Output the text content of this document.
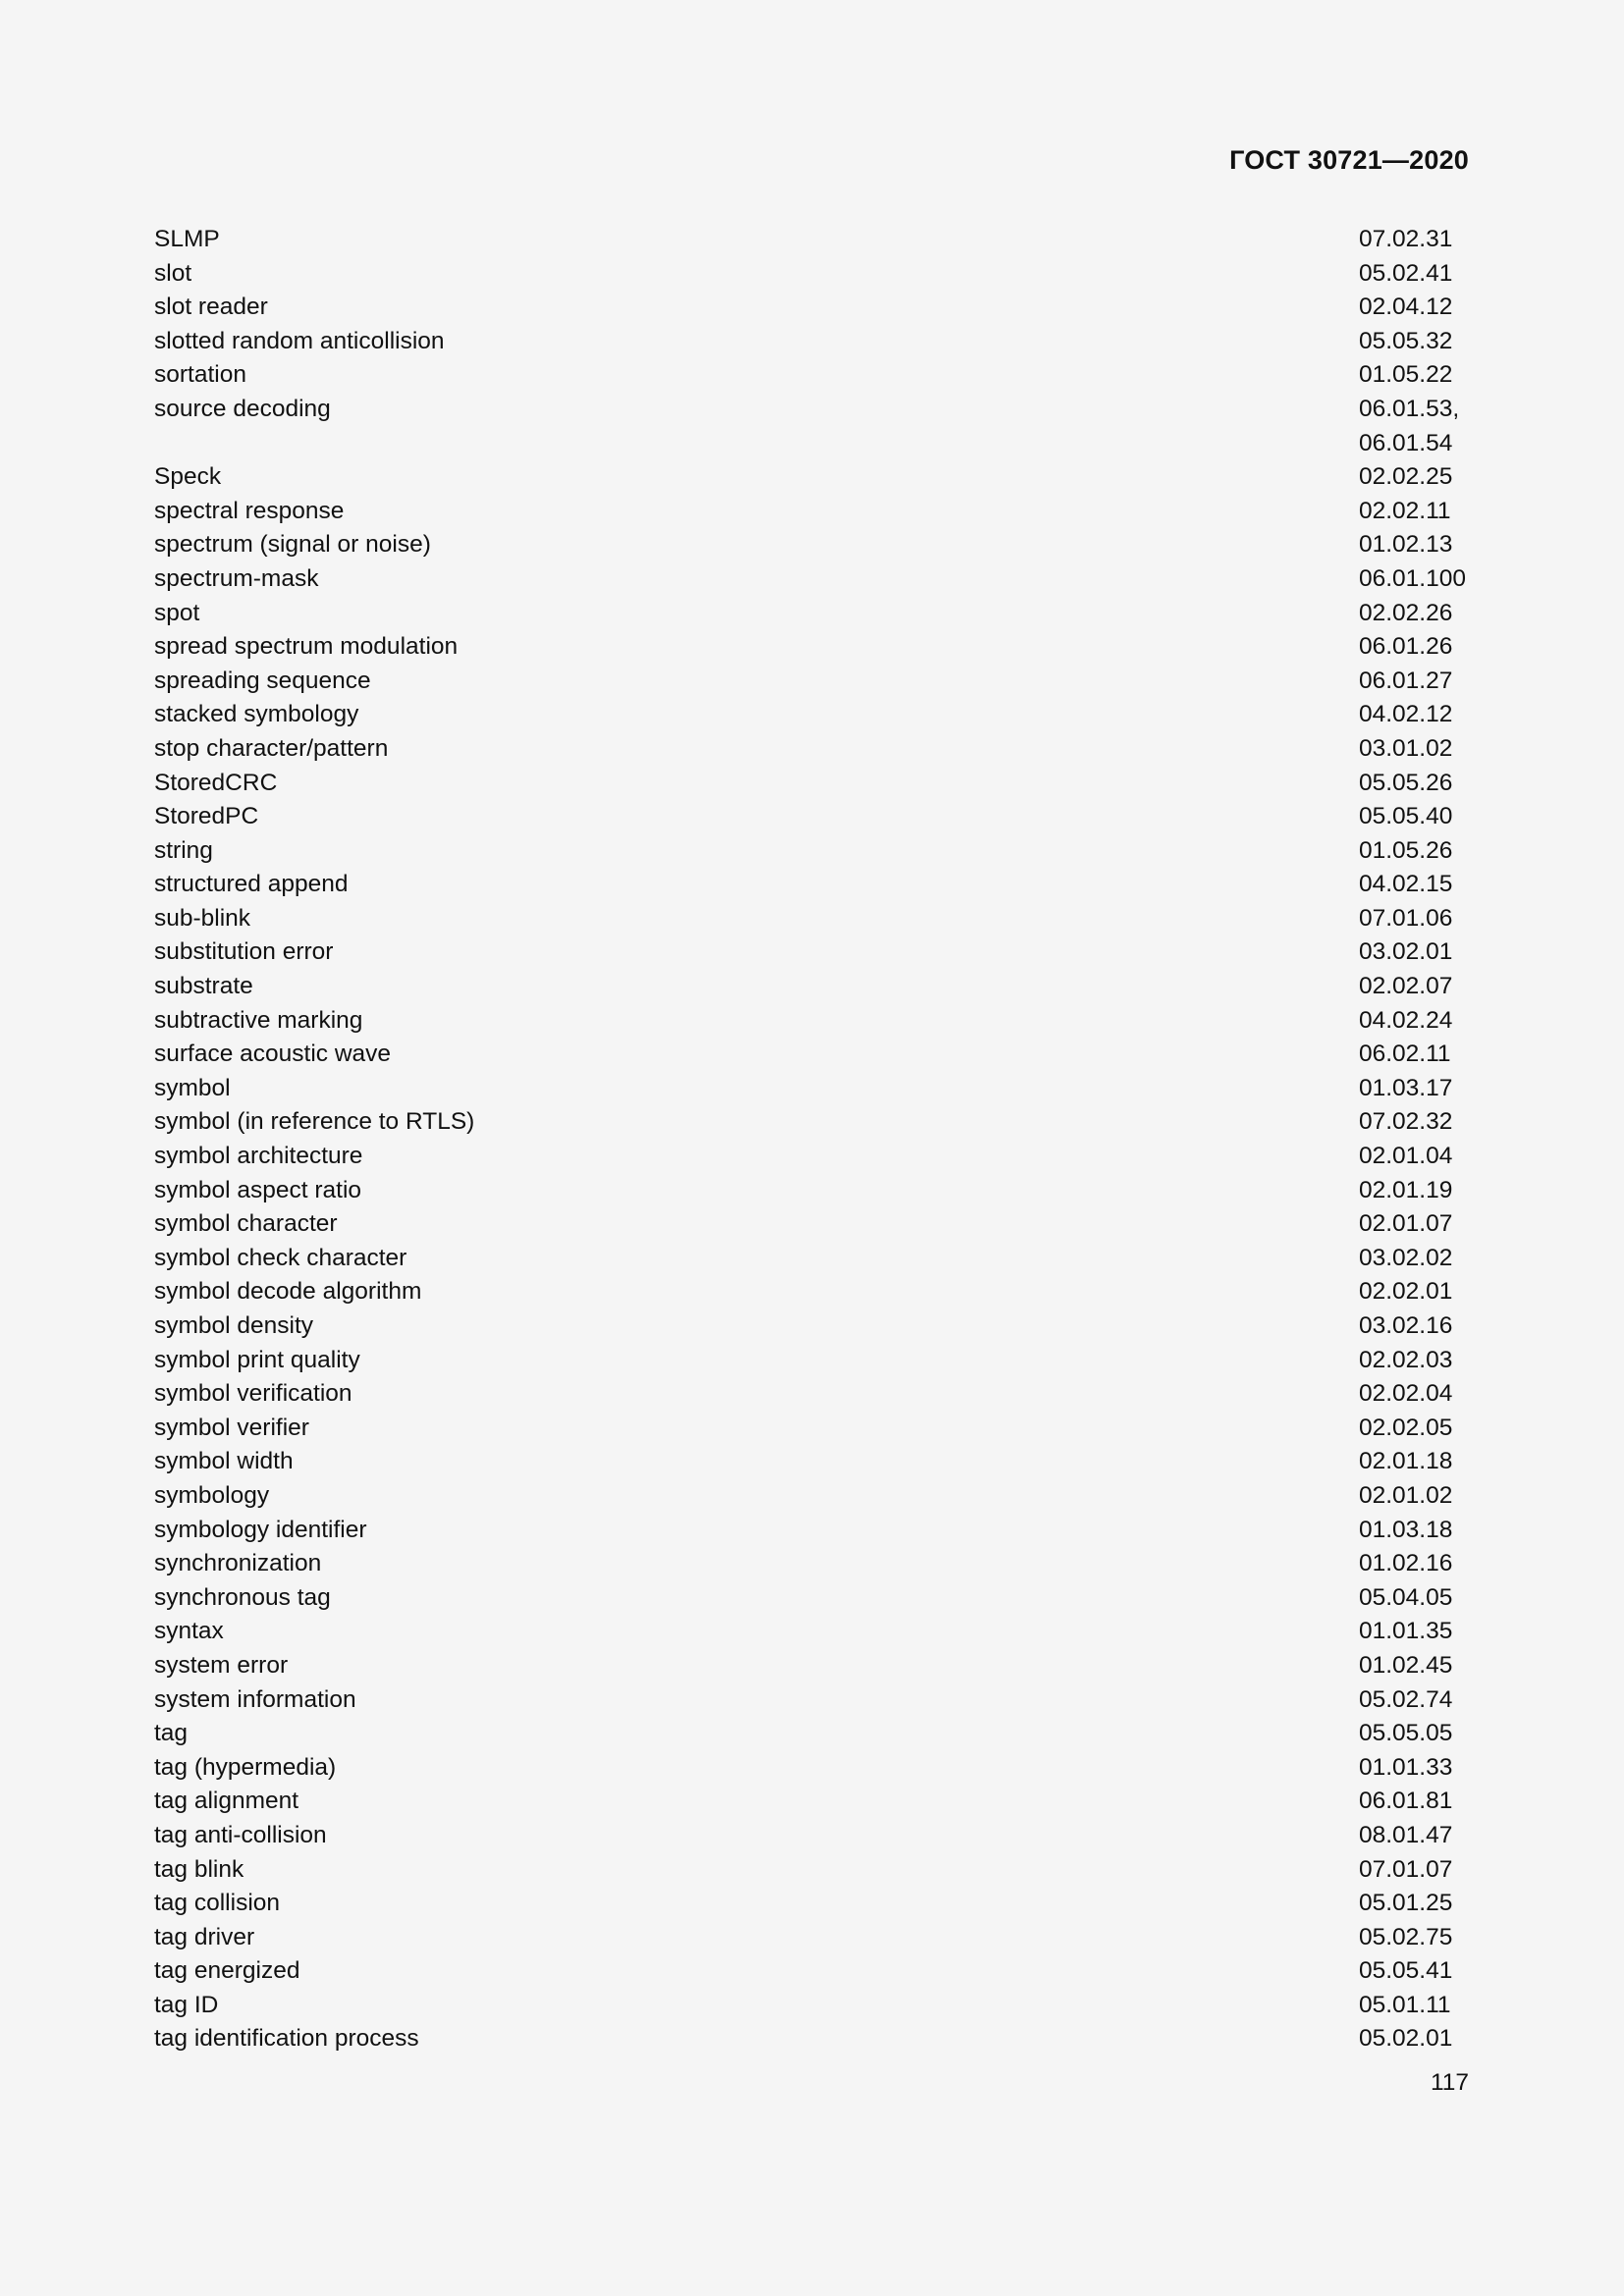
ГОСТ 30721—2020
SLMP	07.02.31
slot	05.02.41
slot reader	02.04.12
slotted random anticollision	05.05.32
sortation	01.05.22
source decoding	06.01.53,
06.01.54
Speck	02.02.25
spectral response	02.02.11
spectrum (signal or noise)	01.02.13
spectrum-mask	06.01.100
spot	02.02.26
spread spectrum modulation	06.01.26
spreading sequence	06.01.27
stacked symbology	04.02.12
stop character/pattern	03.01.02
StoredCRC	05.05.26
StoredPC	05.05.40
string	01.05.26
structured append	04.02.15
sub-blink	07.01.06
substitution error	03.02.01
substrate	02.02.07
subtractive marking	04.02.24
surface acoustic wave	06.02.11
symbol	01.03.17
symbol (in reference to RTLS)	07.02.32
symbol architecture	02.01.04
symbol aspect ratio	02.01.19
symbol character	02.01.07
symbol check character	03.02.02
symbol decode algorithm	02.02.01
symbol density	03.02.16
symbol print quality	02.02.03
symbol verification	02.02.04
symbol verifier	02.02.05
symbol width	02.01.18
symbology	02.01.02
symbology identifier	01.03.18
synchronization	01.02.16
synchronous tag	05.04.05
syntax	01.01.35
system error	01.02.45
system information	05.02.74
tag	05.05.05
tag (hypermedia)	01.01.33
tag alignment	06.01.81
tag anti-collision	08.01.47
tag blink	07.01.07
tag collision	05.01.25
tag driver	05.02.75
tag energized	05.05.41
tag ID	05.01.11
tag identification process	05.02.01
117
